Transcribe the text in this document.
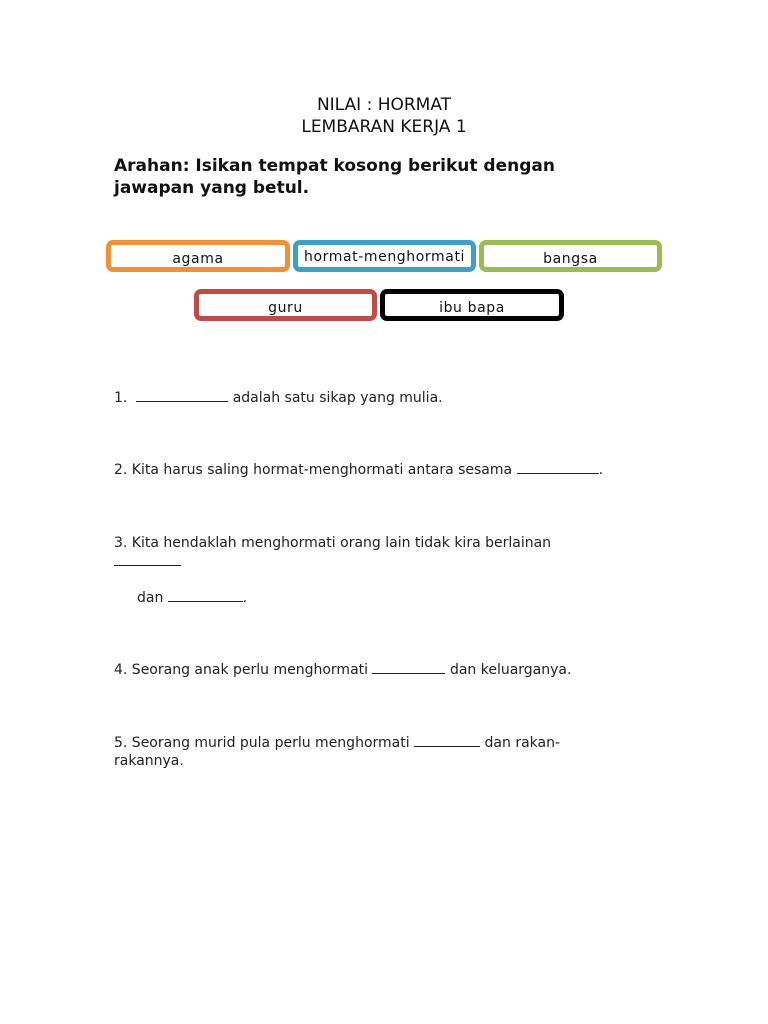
NILAI : HORMAT
LEMBARAN KERJA 1
Arahan: Isikan tempat kosong berikut dengan jawapan yang betul.
agama	hormat-menghormati	bangsa
guru	ibu bapa
1.	adalah satu sikap yang mulia.
2. Kita harus saling hormat-menghormati antara sesama	.
3. Kita hendaklah menghormati orang lain tidak kira berlainan
dan	.
4. Seorang anak perlu menghormati	dan keluarganya.
5. Seorang murid pula perlu menghormati	dan rakan-
rakannya.
